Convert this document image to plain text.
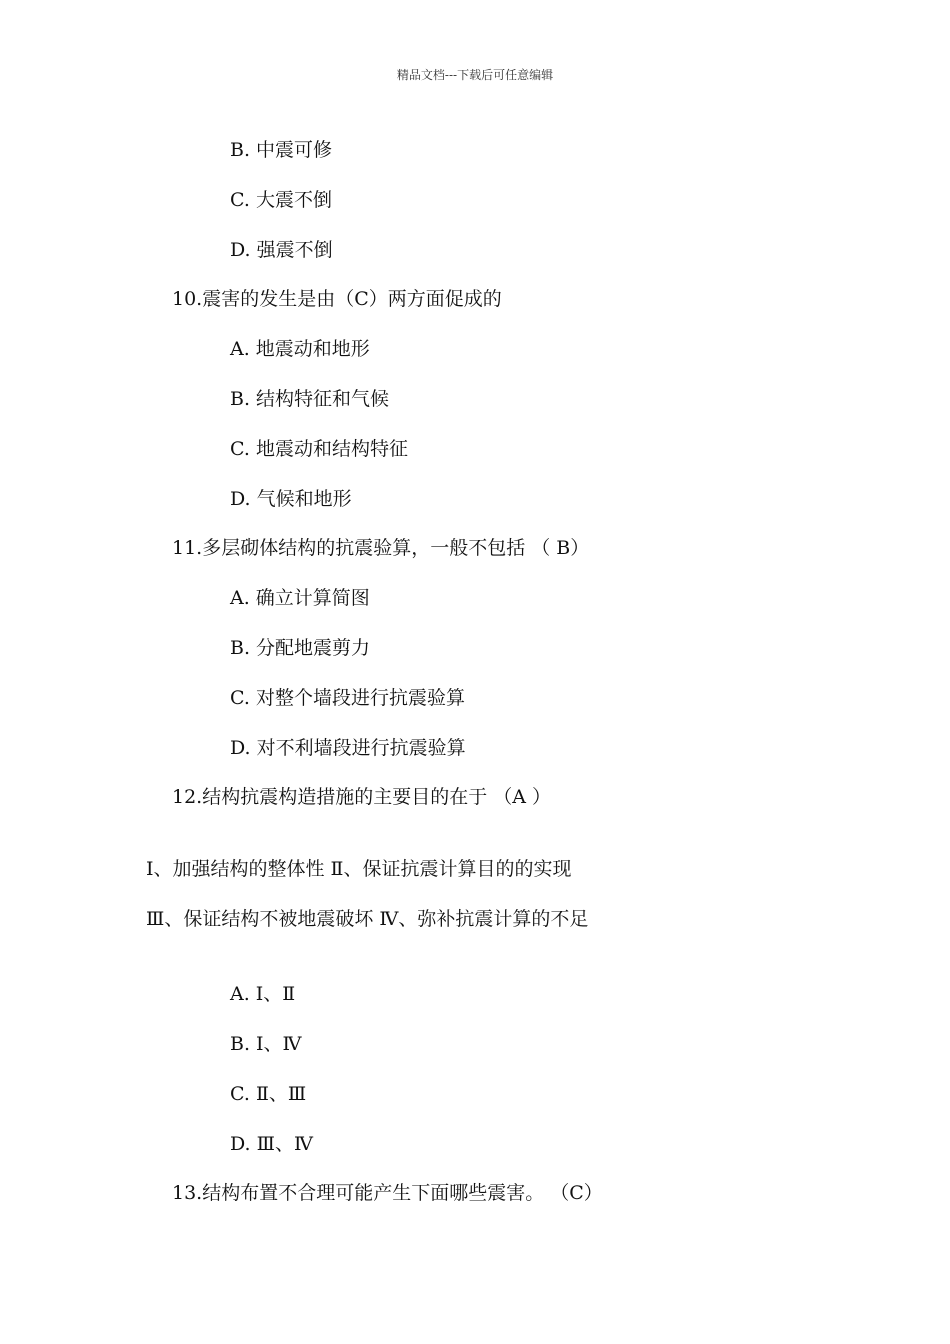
精品文档---下载后可任意编辑
B. 中震可修
C. 大震不倒
D. 强震不倒
10.震害的发生是由（C）两方面促成的
A. 地震动和地形
B. 结构特征和气候
C. 地震动和结构特征
D. 气候和地形
11.多层砌体结构的抗震验算，一般不包括 （ B）
A. 确立计算简图
B. 分配地震剪力
C. 对整个墙段进行抗震验算
D. 对不利墙段进行抗震验算
12.结构抗震构造措施的主要目的在于 （A ）
Ⅰ、加强结构的整体性 Ⅱ、保证抗震计算目的的实现
Ⅲ、保证结构不被地震破坏 Ⅳ、弥补抗震计算的不足
A. Ⅰ、Ⅱ
B. Ⅰ、Ⅳ
C. Ⅱ、Ⅲ
D. Ⅲ、Ⅳ
13.结构布置不合理可能产生下面哪些震害。 （C）
